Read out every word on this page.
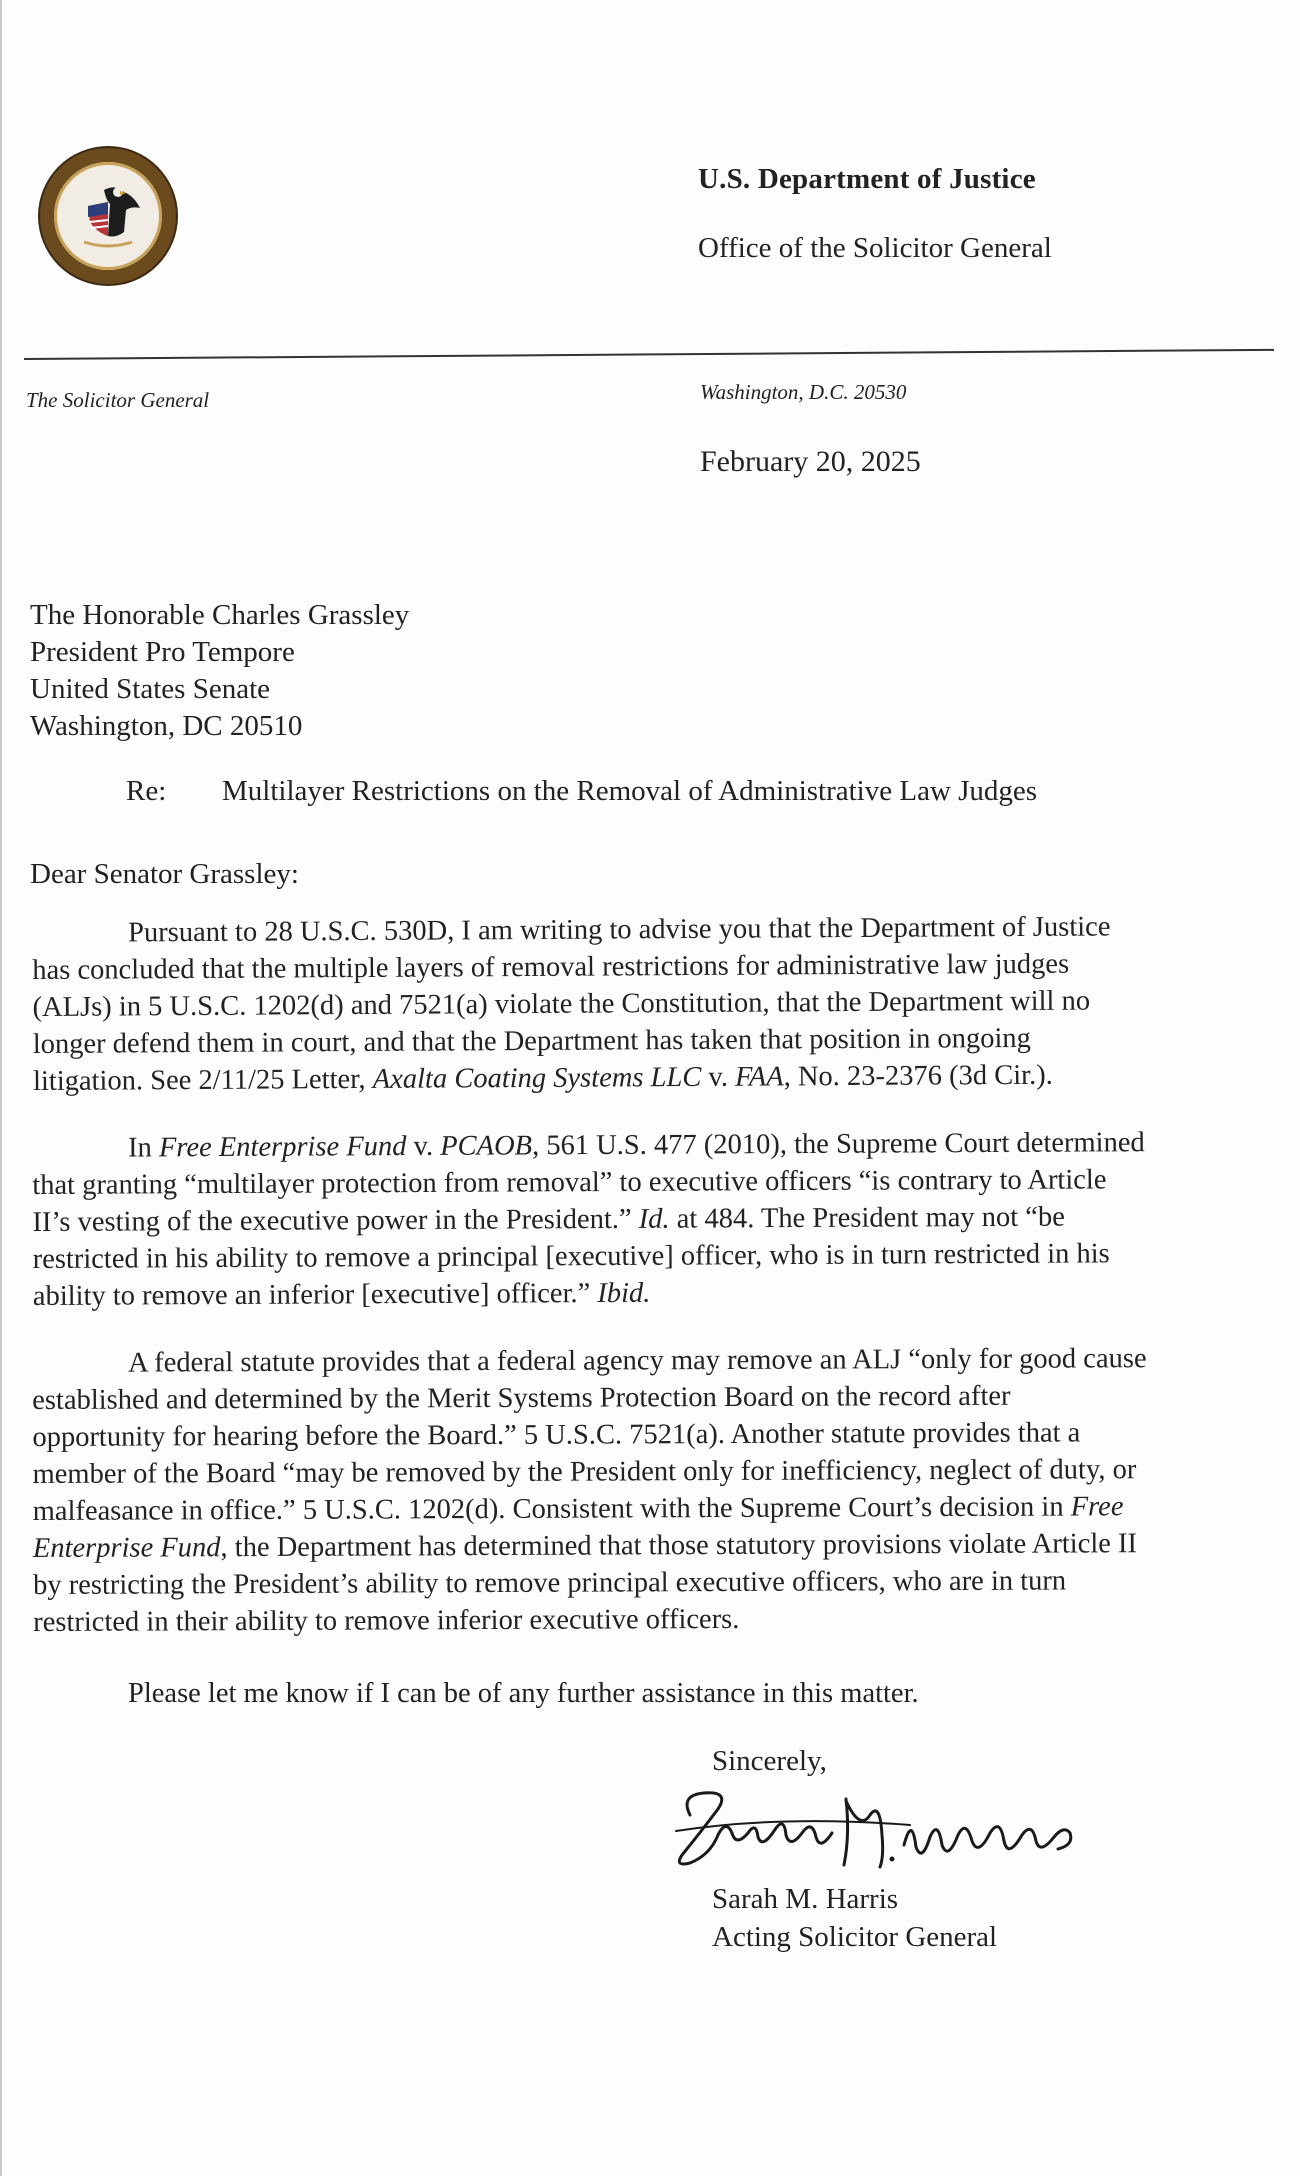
U.S. Department of Justice
Office of the Solicitor General
The Solicitor General	Washington, D.C. 20530
February 20, 2025
The Honorable Charles Grassley
President Pro Tempore
United States Senate
Washington, DC 20510
Re: Multilayer Restrictions on the Removal of Administrative Law Judges
Dear Senator Grassley:
Pursuant to 28 U.S.C. 530D, I am writing to advise you that the Department of Justice
has concluded that the multiple layers of removal restrictions for administrative law judges
(ALJs) in 5 U.S.C. 1202(d) and 7521(a) violate the Constitution, that the Department will no
longer defend them in court, and that the Department has taken that position in ongoing
litigation. See 2/11/25 Letter, Axalta Coating Systems LLC v. FAA, No. 23-2376 (3d Cir.).
In Free Enterprise Fund v. PCAOB, 561 U.S. 477 (2010), the Supreme Court determined
that granting “multilayer protection from removal” to executive officers “is contrary to Article
II’s vesting of the executive power in the President.” Id. at 484. The President may not “be
restricted in his ability to remove a principal [executive] officer, who is in turn restricted in his
ability to remove an inferior [executive] officer.” Ibid.
A federal statute provides that a federal agency may remove an ALJ “only for good cause
established and determined by the Merit Systems Protection Board on the record after
opportunity for hearing before the Board.” 5 U.S.C. 7521(a). Another statute provides that a
member of the Board “may be removed by the President only for inefficiency, neglect of duty, or
malfeasance in office.” 5 U.S.C. 1202(d). Consistent with the Supreme Court’s decision in Free
Enterprise Fund, the Department has determined that those statutory provisions violate Article II
by restricting the President’s ability to remove principal executive officers, who are in turn
restricted in their ability to remove inferior executive officers.
Please let me know if I can be of any further assistance in this matter.
Sincerely,
Sarah M. Harris
Acting Solicitor General
